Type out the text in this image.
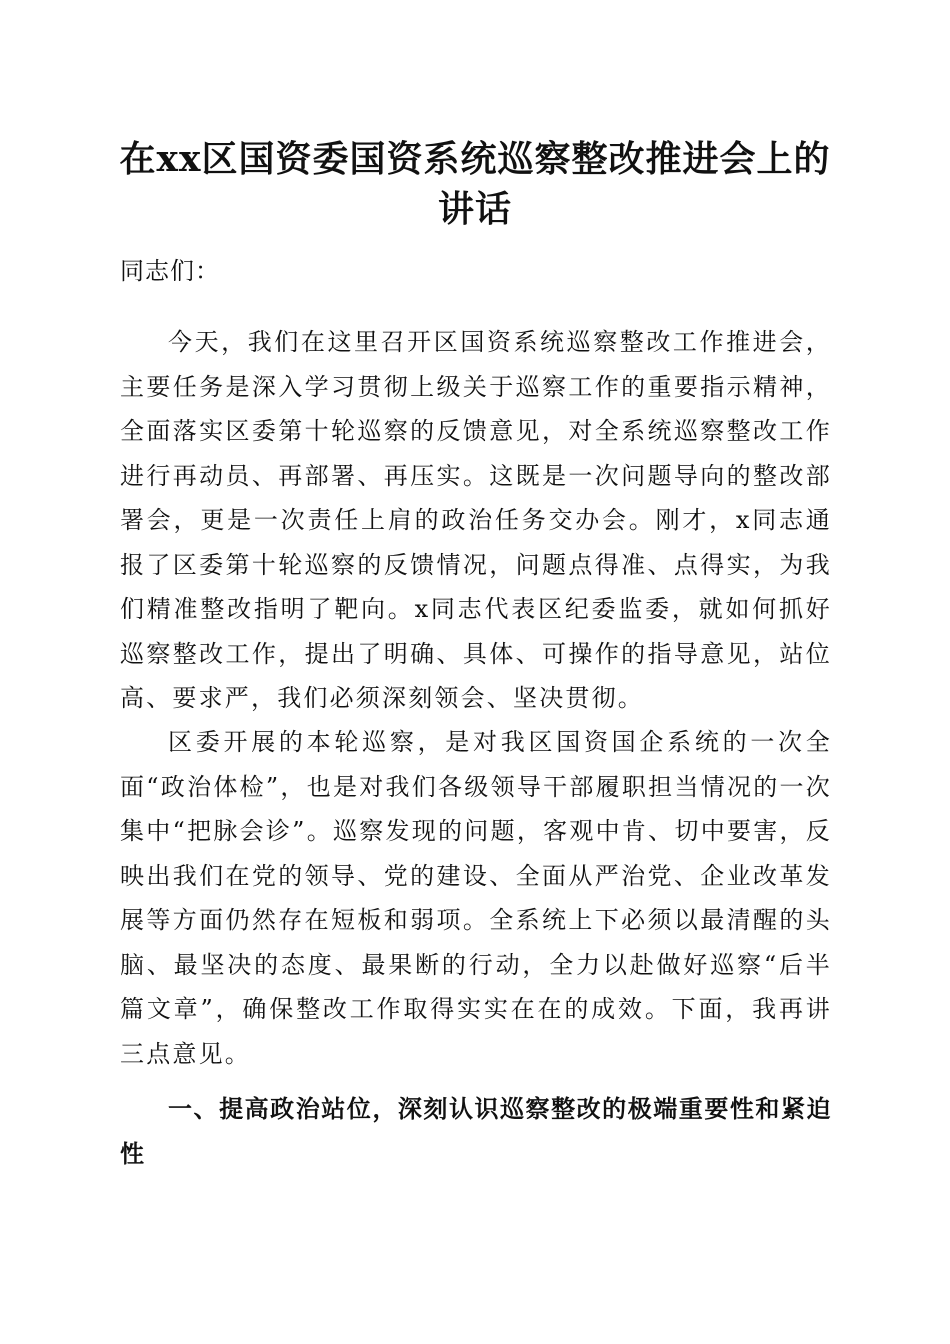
在xx区国资委国资系统巡察整改推进会上的讲话

同志们：

今天，我们在这里召开区国资系统巡察整改工作推进会，主要任务是深入学习贯彻上级关于巡察工作的重要指示精神，全面落实区委第十轮巡察的反馈意见，对全系统巡察整改工作进行再动员、再部署、再压实。这既是一次问题导向的整改部署会，更是一次责任上肩的政治任务交办会。刚才，x同志通报了区委第十轮巡察的反馈情况，问题点得准、点得实，为我们精准整改指明了靶向。x同志代表区纪委监委，就如何抓好巡察整改工作，提出了明确、具体、可操作的指导意见，站位高、要求严，我们必须深刻领会、坚决贯彻。

区委开展的本轮巡察，是对我区国资国企系统的一次全面“政治体检”，也是对我们各级领导干部履职担当情况的一次集中“把脉会诊”。巡察发现的问题，客观中肯、切中要害，反映出我们在党的领导、党的建设、全面从严治党、企业改革发展等方面仍然存在短板和弱项。全系统上下必须以最清醒的头脑、最坚决的态度、最果断的行动，全力以赴做好巡察“后半篇文章”，确保整改工作取得实实在在的成效。下面，我再讲三点意见。

一、提高政治站位，深刻认识巡察整改的极端重要性和紧迫性
